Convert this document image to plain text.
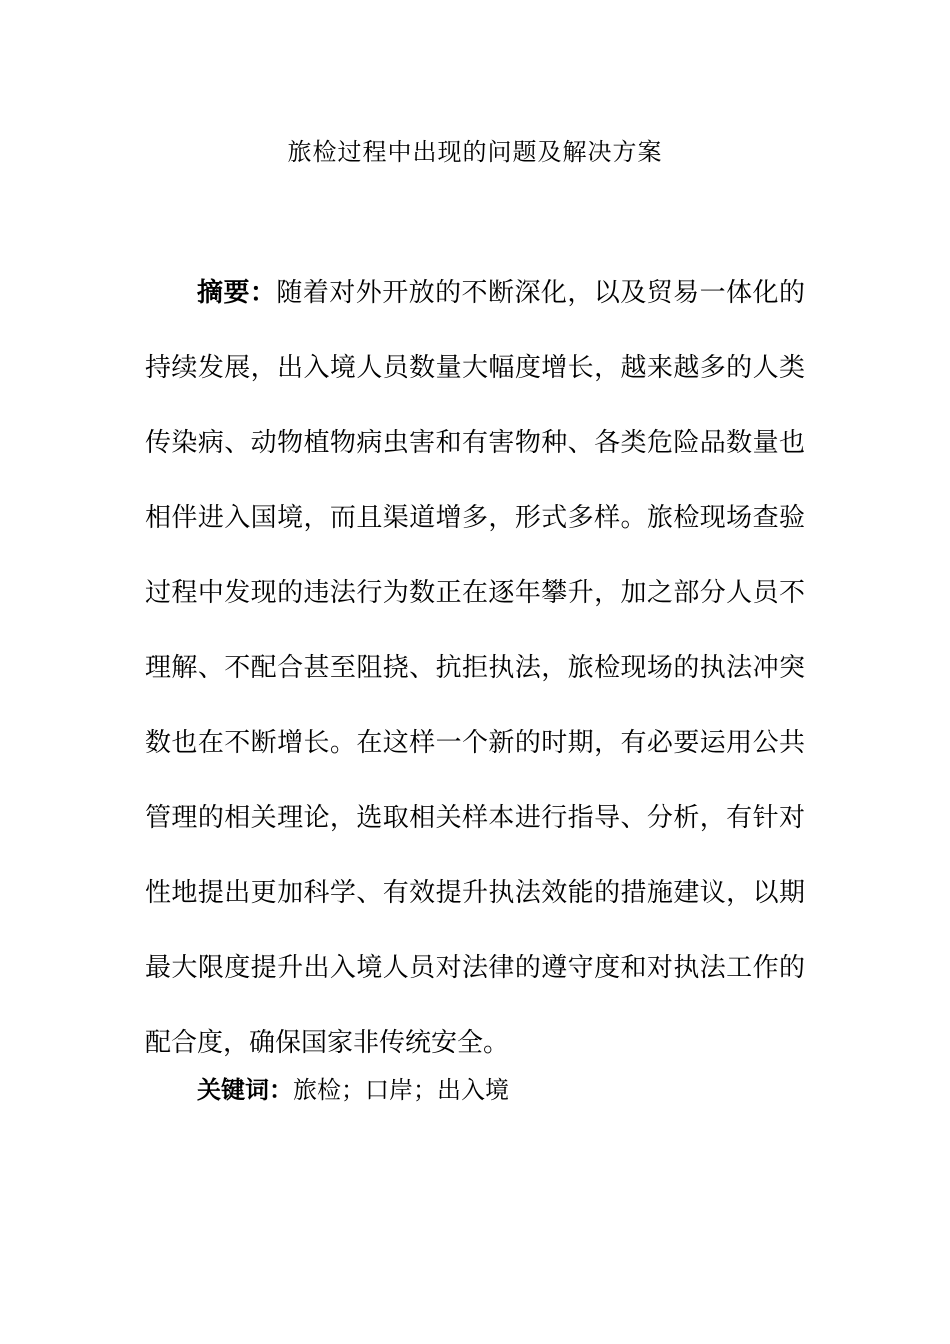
旅检过程中出现的问题及解决方案

摘要：随着对外开放的不断深化，以及贸易一体化的持续发展，出入境人员数量大幅度增长，越来越多的人类传染病、动物植物病虫害和有害物种、各类危险品数量也相伴进入国境，而且渠道增多，形式多样。旅检现场查验过程中发现的违法行为数正在逐年攀升，加之部分人员不理解、不配合甚至阻挠、抗拒执法，旅检现场的执法冲突数也在不断增长。在这样一个新的时期，有必要运用公共管理的相关理论，选取相关样本进行指导、分析，有针对性地提出更加科学、有效提升执法效能的措施建议，以期最大限度提升出入境人员对法律的遵守度和对执法工作的配合度，确保国家非传统安全。

关键词：旅检；口岸；出入境
